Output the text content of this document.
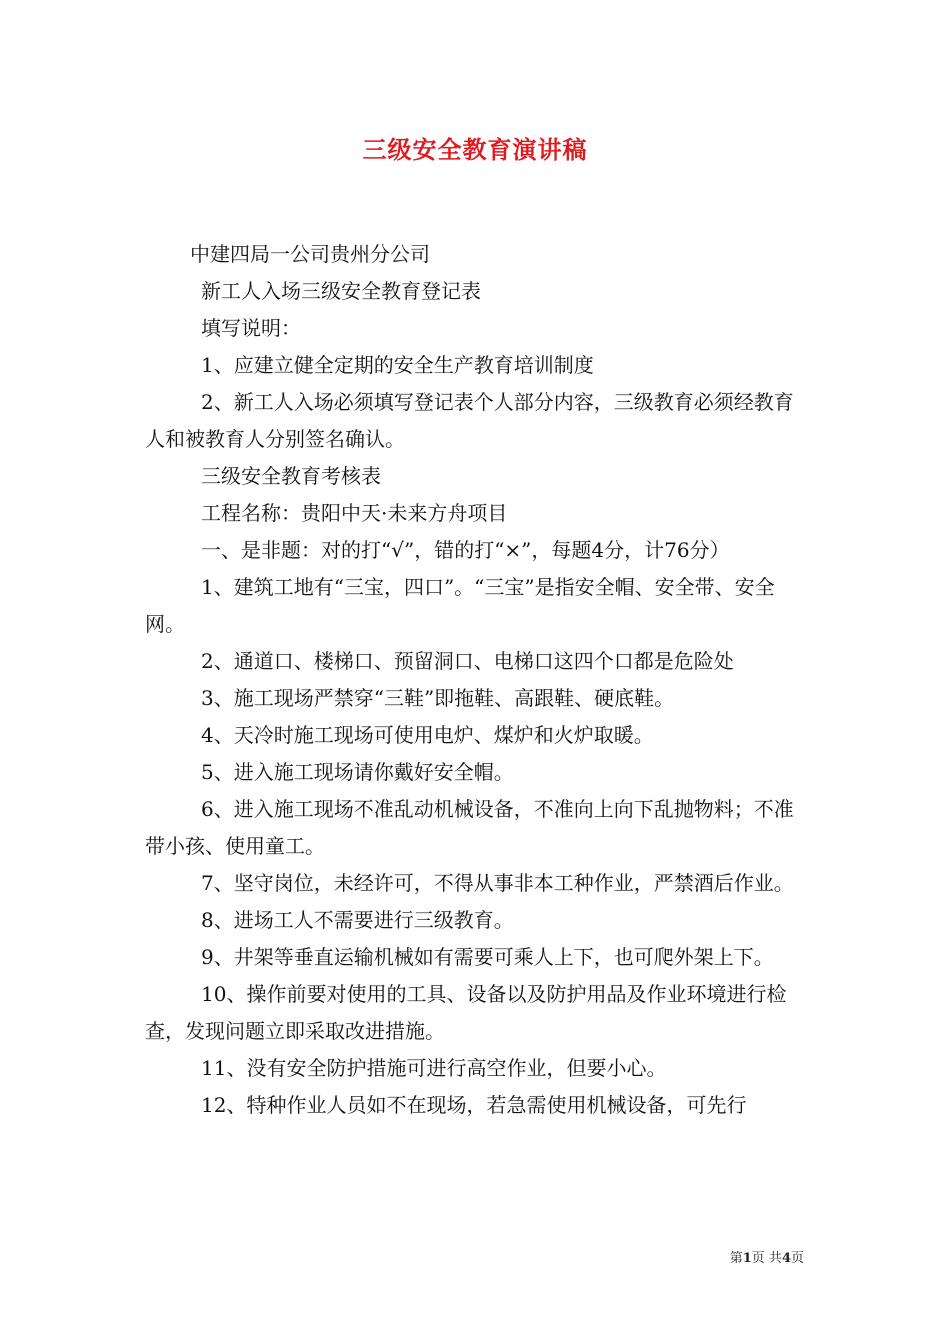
三级安全教育演讲稿

中建四局一公司贵州分公司

新工人入场三级安全教育登记表

填写说明：

1、应建立健全定期的安全生产教育培训制度

2、新工人入场必须填写登记表个人部分内容，三级教育必须经教育人和被教育人分别签名确认。

三级安全教育考核表

工程名称：贵阳中天·未来方舟项目

一、是非题：对的打“√”，错的打“×”，每题4分，计76分）

1、建筑工地有“三宝，四口”。“三宝”是指安全帽、安全带、安全网。

2、通道口、楼梯口、预留洞口、电梯口这四个口都是危险处

3、施工现场严禁穿“三鞋”即拖鞋、高跟鞋、硬底鞋。

4、天冷时施工现场可使用电炉、煤炉和火炉取暖。

5、进入施工现场请你戴好安全帽。

6、进入施工现场不准乱动机械设备，不准向上向下乱抛物料；不准带小孩、使用童工。

7、坚守岗位，未经许可，不得从事非本工种作业，严禁酒后作业。

8、进场工人不需要进行三级教育。

9、井架等垂直运输机械如有需要可乘人上下，也可爬外架上下。

10、操作前要对使用的工具、设备以及防护用品及作业环境进行检查，发现问题立即采取改进措施。

11、没有安全防护措施可进行高空作业，但要小心。

12、特种作业人员如不在现场，若急需使用机械设备，可先行

第1页 共4页
